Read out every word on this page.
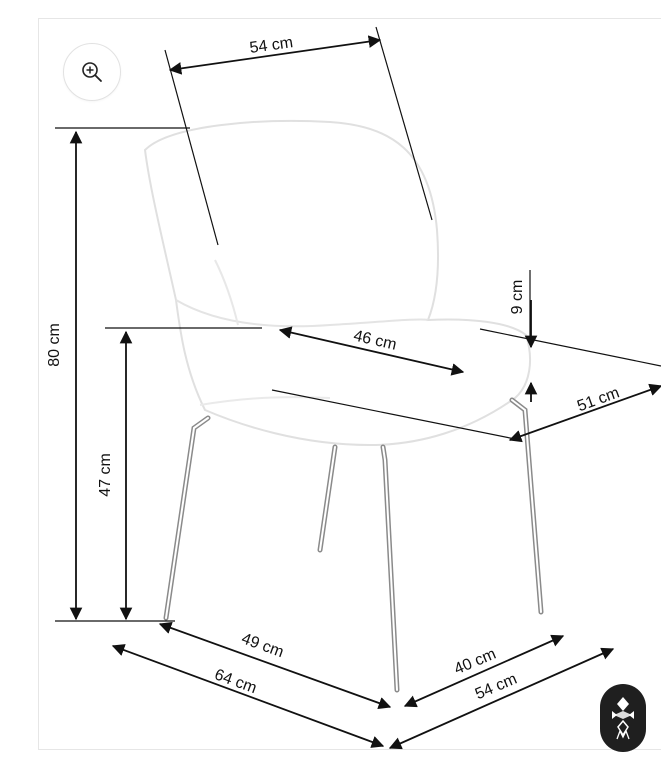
54 cm
80 cm
47 cm
9 cm
46 cm
51 cm
49 cm
64 cm
40 cm
54 cm
